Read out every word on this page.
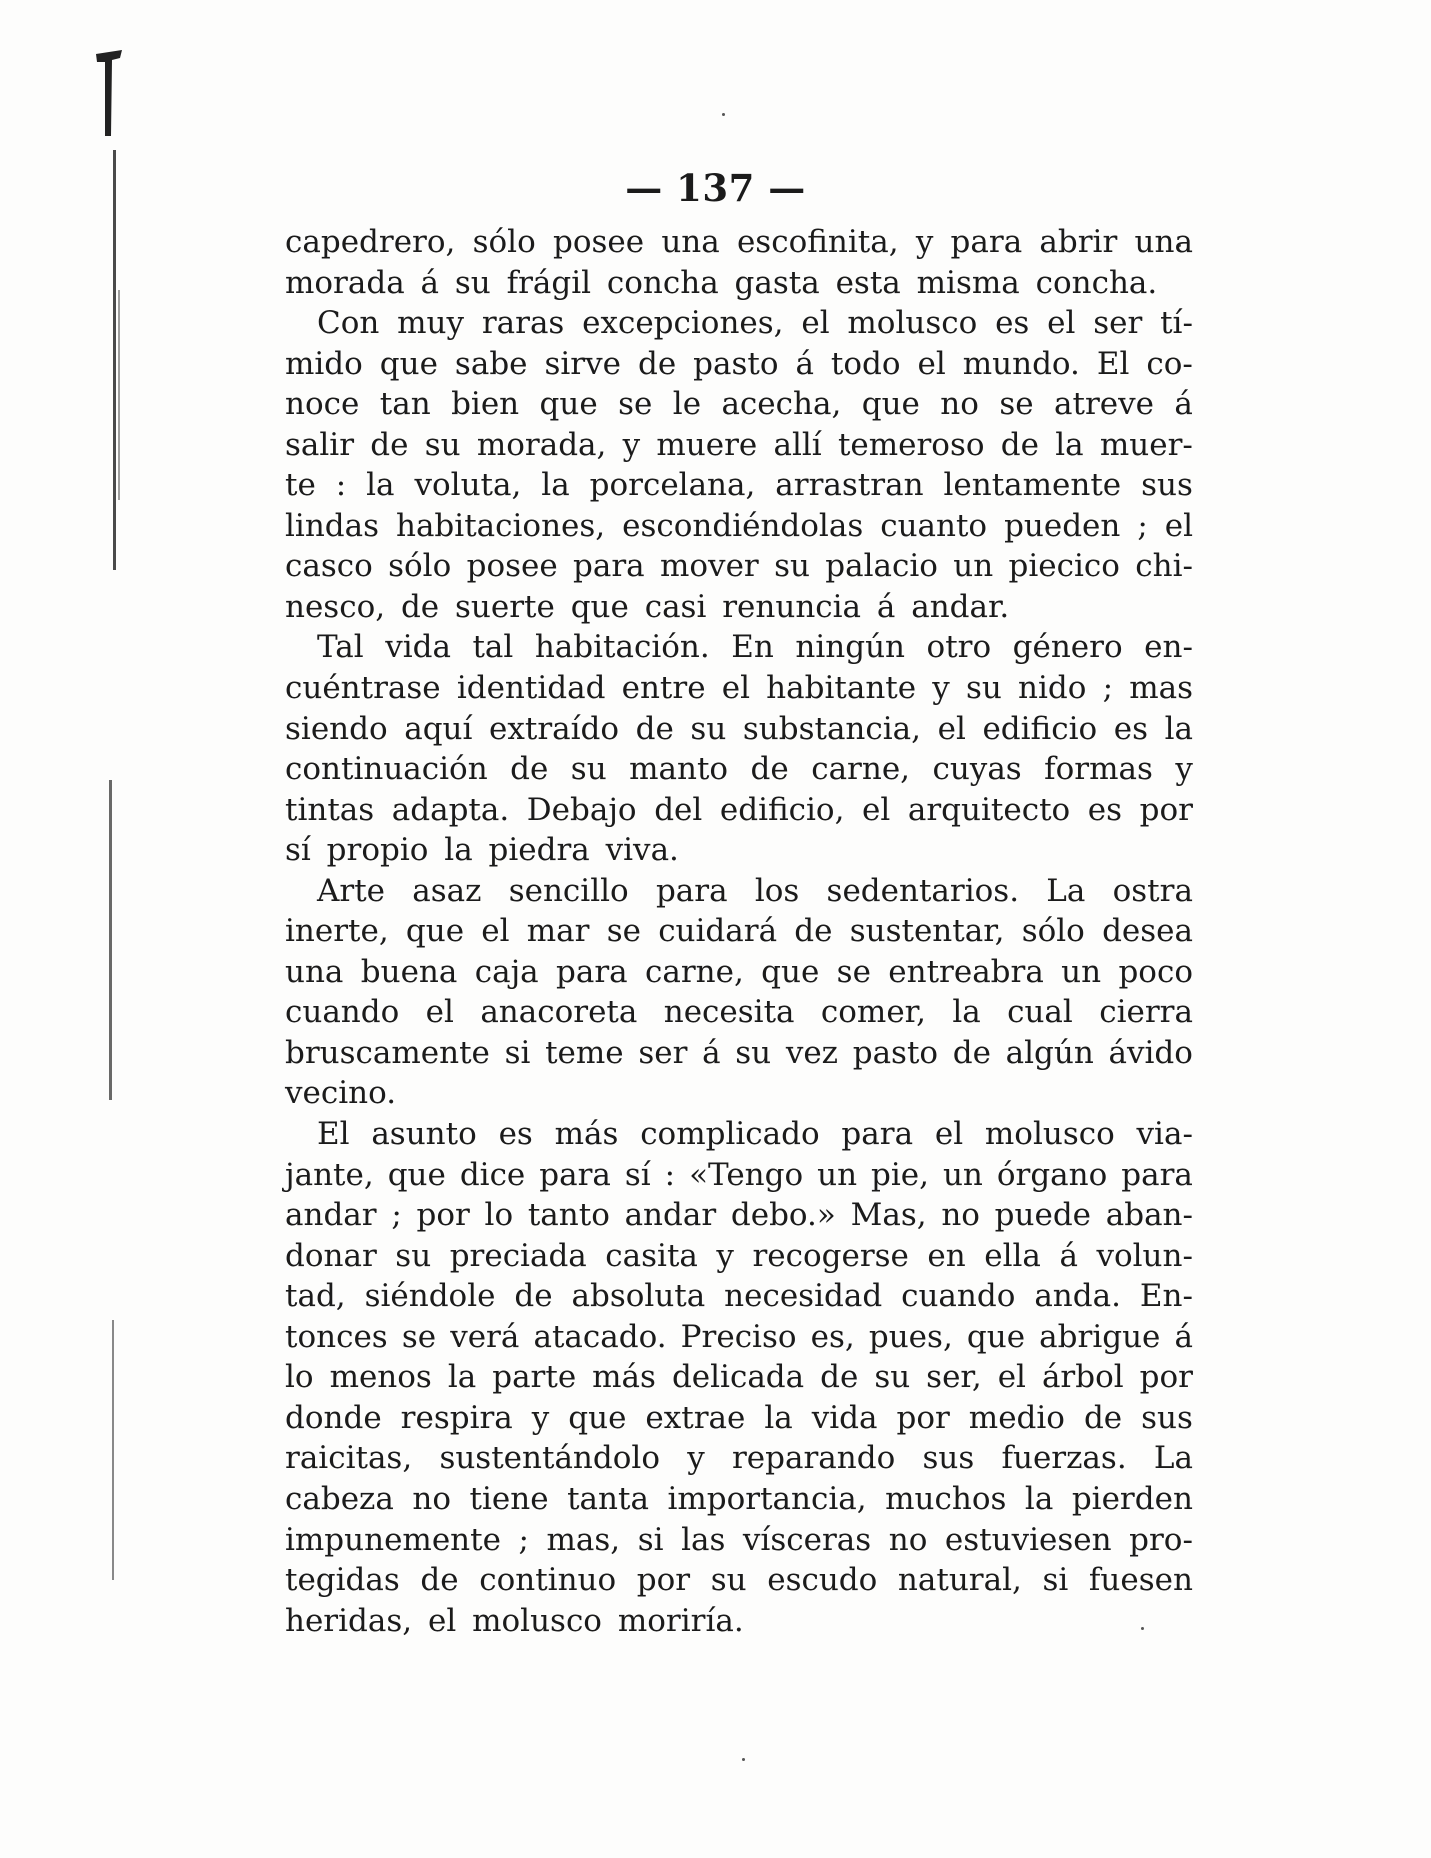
— 137 —
capedrero, sólo posee una escofinita, y para abrir una
morada á su frágil concha gasta esta misma concha.
Con muy raras excepciones, el molusco es el ser tí-
mido que sabe sirve de pasto á todo el mundo. El co-
noce tan bien que se le acecha, que no se atreve á
salir de su morada, y muere allí temeroso de la muer-
te : la voluta, la porcelana, arrastran lentamente sus
lindas habitaciones, escondiéndolas cuanto pueden ; el
casco sólo posee para mover su palacio un piecico chi-
nesco, de suerte que casi renuncia á andar.
Tal vida tal habitación. En ningún otro género en-
cuéntrase identidad entre el habitante y su nido ; mas
siendo aquí extraído de su substancia, el edificio es la
continuación de su manto de carne, cuyas formas y
tintas adapta. Debajo del edificio, el arquitecto es por
sí propio la piedra viva.
Arte asaz sencillo para los sedentarios. La ostra
inerte, que el mar se cuidará de sustentar, sólo desea
una buena caja para carne, que se entreabra un poco
cuando el anacoreta necesita comer, la cual cierra
bruscamente si teme ser á su vez pasto de algún ávido
vecino.
El asunto es más complicado para el molusco via-
jante, que dice para sí : «Tengo un pie, un órgano para
andar ; por lo tanto andar debo.» Mas, no puede aban-
donar su preciada casita y recogerse en ella á volun-
tad, siéndole de absoluta necesidad cuando anda. En-
tonces se verá atacado. Preciso es, pues, que abrigue á
lo menos la parte más delicada de su ser, el árbol por
donde respira y que extrae la vida por medio de sus
raicitas, sustentándolo y reparando sus fuerzas. La
cabeza no tiene tanta importancia, muchos la pierden
impunemente ; mas, si las vísceras no estuviesen pro-
tegidas de continuo por su escudo natural, si fuesen
heridas, el molusco moriría.
